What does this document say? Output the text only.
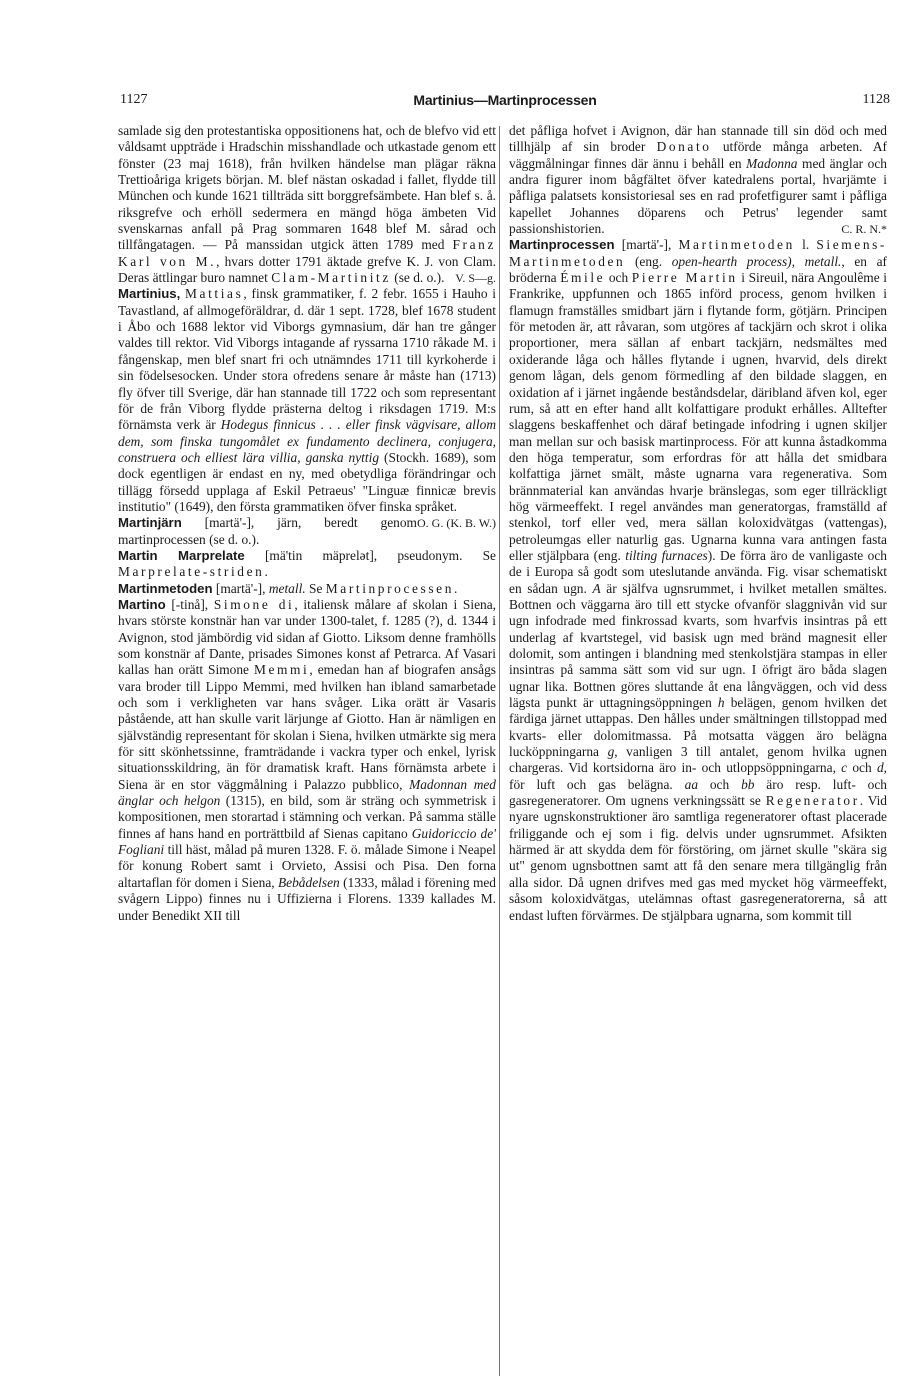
1127	Martinius—Martinprocessen	1128

samlade sig den protestantiska oppositionens hat, och de blefvo vid ett våldsamt uppträde i Hradschin misshandlade och utkastade genom ett fönster (23 maj 1618), från hvilken händelse man plägar räkna Trettioåriga krigets början. M. blef nästan oskadad i fallet, flydde till München och kunde 1621 tillträda sitt borggrefsämbete. Han blef s. å. riksgrefve och erhöll sedermera en mängd höga ämbeten Vid svenskarnas anfall på Prag sommaren 1648 blef M. sårad och tillfångatagen. — På manssidan utgick ätten 1789 med Franz Karl von M., hvars dotter 1791 äktade grefve K. J. von Clam. Deras ättlingar buro namnet Clam-Martinitz (se d. o.). V. S—g.

Martinius, Mattias, finsk grammatiker, f. 2 febr. 1655 i Hauho i Tavastland, af allmogeföräldrar, d. där 1 sept. 1728, blef 1678 student i Åbo och 1688 lektor vid Viborgs gymnasium, där han tre gånger valdes till rektor. Vid Viborgs intagande af ryssarna 1710 råkade M. i fångenskap, men blef snart fri och utnämndes 1711 till kyrkoherde i sin födelsesocken. Under stora ofredens senare år måste han (1713) fly öfver till Sverige, där han stannade till 1722 och som representant för de från Viborg flydde prästerna deltog i riksdagen 1719. M:s förnämsta verk är Hodegus finnicus . . . eller finsk vägvisare, allom dem, som finska tungomålet ex fundamento declinera, conjugera, construera och elliest lära villia, ganska nyttig (Stockh. 1689), som dock egentligen är endast en ny, med obetydliga förändringar och tillägg försedd upplaga af Eskil Petraeus' "Linguæ finnicæ brevis institutio" (1649), den första grammatiken öfver finska språket.
O. G. (K. B. W.)

Martinjärn [martä'-], järn, beredt genom martinprocessen (se d. o.).

Martin Marprelate [mä'tin mäprelət], pseudonym. Se Marprelate-striden.

Martinmetoden [martä'-], metall. Se Martinprocessen.

Martino [-tinå], Simone di, italiensk målare af skolan i Siena, hvars störste konstnär han var under 1300-talet, f. 1285 (?), d. 1344 i Avignon, stod jämbördig vid sidan af Giotto. Liksom denne framhölls som konstnär af Dante, prisades Simones konst af Petrarca. Af Vasari kallas han orätt Simone Memmi, emedan han af biografen ansågs vara broder till Lippo Memmi, med hvilken han ibland samarbetade och som i verkligheten var hans svåger. Lika orätt är Vasaris påstående, att han skulle varit lärjunge af Giotto. Han är nämligen en självständig representant för skolan i Siena, hvilken utmärkte sig mera för sitt skönhetssinne, framträdande i vackra typer och enkel, lyrisk situationsskildring, än för dramatisk kraft. Hans förnämsta arbete i Siena är en stor väggmålning i Palazzo pubblico, Madonnan med änglar och helgon (1315), en bild, som är sträng och symmetrisk i kompositionen, men storartad i stämning och verkan. På samma ställe finnes af hans hand en porträttbild af Sienas capitano Guidoriccio de' Fogliani till häst, målad på muren 1328. F. ö. målade Simone i Neapel för konung Robert samt i Orvieto, Assisi och Pisa. Den forna altartaflan för domen i Siena, Bebådelsen (1333, målad i förening med svågern Lippo) finnes nu i Uffizierna i Florens. 1339 kallades M. under Benedikt XII till

det påfliga hofvet i Avignon, där han stannade till sin död och med tillhjälp af sin broder Donato utförde många arbeten. Af väggmålningar finnes där ännu i behåll en Madonna med änglar och andra figurer inom bågfältet öfver katedralens portal, hvarjämte i påfliga palatsets konsistoriesal ses en rad profetfigurer samt i påfliga kapellet Johannes döparens och Petrus' legender samt passionshistorien.	C. R. N.*

Martinprocessen [martä'-], Martinmetoden l. Siemens-Martinmetoden (eng. open-hearth process), metall., en af bröderna Émile och Pierre Martin i Sireuil, nära Angoulême i Frankrike, uppfunnen och 1865 införd process, genom hvilken i flamugn framställes smidbart järn i flytande form, götjärn. Principen för metoden är, att råvaran, som utgöres af tackjärn och skrot i olika proportioner, mera sällan af enbart tackjärn, nedsmältes med oxiderande låga och hålles flytande i ugnen, hvarvid, dels direkt genom lågan, dels genom förmedling af den bildade slaggen, en oxidation af i järnet ingående beståndsdelar, däribland äfven kol, eger rum, så att en efter hand allt kolfattigare produkt erhålles. Alltefter slaggens beskaffenhet och däraf betingade infodring i ugnen skiljer man mellan sur och basisk martinprocess. För att kunna åstadkomma den höga temperatur, som erfordras för att hålla det smidbara kolfattiga järnet smält, måste ugnarna vara regenerativa. Som brännmaterial kan användas hvarje bränslegas, som eger tillräckligt hög värmeeffekt. I regel användes man generatorgas, framställd af stenkol, torf eller ved, mera sällan koloxidvätgas (vattengas), petroleumgas eller naturlig gas. Ugnarna kunna vara antingen fasta eller stjälpbara (eng. tilting furnaces). De förra äro de vanligaste och de i Europa så godt som uteslutande använda. Fig. visar schematiskt en sådan ugn. A är själfva ugnsrummet, i hvilket metallen smältes. Bottnen och väggarna äro till ett stycke ofvanför slaggnivån vid sur ugn infodrade med finkrossad kvarts, som hvarfvis insintras på ett underlag af kvartstegel, vid basisk ugn med bränd magnesit eller dolomit, som antingen i blandning med stenkolstjära stampas in eller insintras på samma sätt som vid sur ugn. I öfrigt äro båda slagen ugnar lika. Bottnen göres sluttande åt ena långväggen, och vid dess lägsta punkt är uttagningsöppningen h belägen, genom hvilken det färdiga järnet uttappas. Den hålles under smältningen tillstoppad med kvarts- eller dolomitmassa. På motsatta väggen äro belägna lucköppningarna g, vanligen 3 till antalet, genom hvilka ugnen chargeras. Vid kortsidorna äro in- och utloppsöppningarna, c och d, för luft och gas belägna. aa och bb äro resp. luft- och gasregeneratorer. Om ugnens verkningssätt se Regenerator. Vid nyare ugnskonstruktioner äro samtliga regeneratorer oftast placerade friliggande och ej som i fig. delvis under ugnsrummet. Afsikten härmed är att skydda dem för förstöring, om järnet skulle "skära sig ut" genom ugnsbottnen samt att få den senare mera tillgänglig från alla sidor. Då ugnen drifves med gas med mycket hög värmeeffekt, såsom koloxidvätgas, utelämnas oftast gasregeneratorerna, så att endast luften förvärmes. De stjälpbara ugnarna, som kommit till
